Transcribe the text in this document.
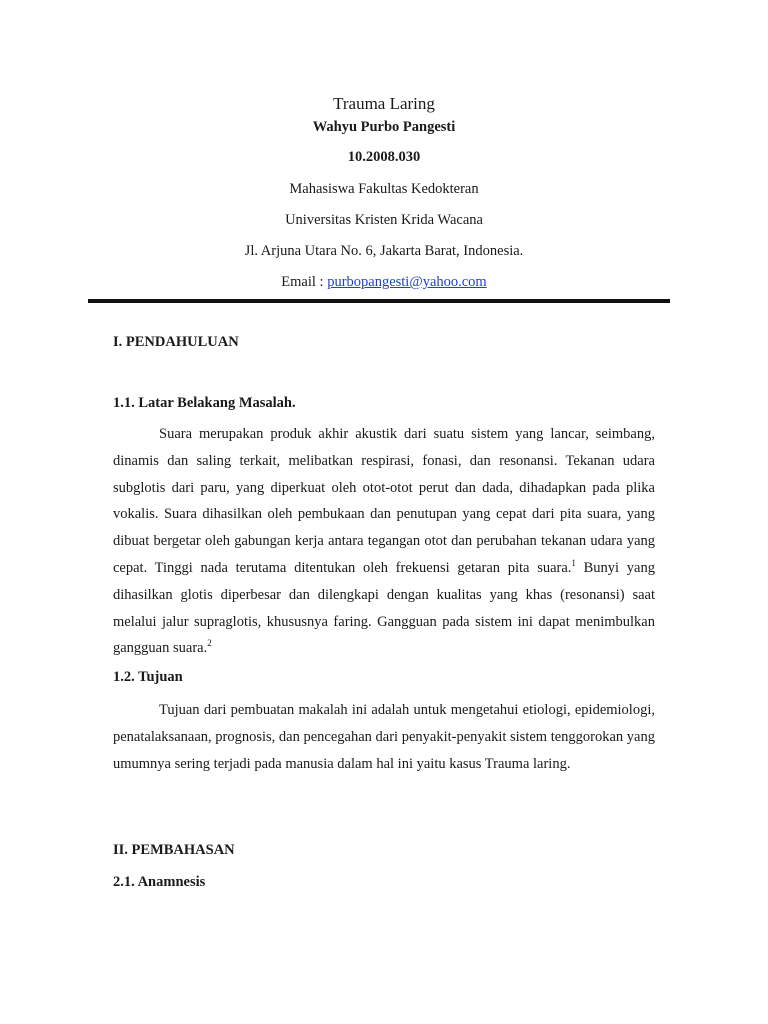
Trauma Laring
Wahyu Purbo Pangesti
10.2008.030
Mahasiswa Fakultas Kedokteran
Universitas Kristen Krida Wacana
Jl. Arjuna Utara No. 6, Jakarta Barat, Indonesia.
Email : purbopangesti@yahoo.com
I. PENDAHULUAN
1.1. Latar Belakang Masalah.

Suara merupakan produk akhir akustik dari suatu sistem yang lancar, seimbang, dinamis dan saling terkait, melibatkan respirasi, fonasi, dan resonansi. Tekanan udara subglotis dari paru, yang diperkuat oleh otot-otot perut dan dada, dihadapkan pada plika vokalis. Suara dihasilkan oleh pembukaan dan penutupan yang cepat dari pita suara, yang dibuat bergetar oleh gabungan kerja antara tegangan otot dan perubahan tekanan udara yang cepat. Tinggi nada terutama ditentukan oleh frekuensi getaran pita suara.$^1$ Bunyi yang dihasilkan glotis diperbesar dan dilengkapi dengan kualitas yang khas (resonansi) saat melalui jalur supraglotis, khususnya faring. Gangguan pada sistem ini dapat menimbulkan gangguan suara.$^2$

1.2. Tujuan

Tujuan dari pembuatan makalah ini adalah untuk mengetahui etiologi, epidemiologi, penatalaksanaan, prognosis, dan pencegahan dari penyakit-penyakit sistem tenggorokan yang umumnya sering terjadi pada manusia dalam hal ini yaitu kasus Trauma laring.

II. PEMBAHASAN
2.1. Anamnesis
